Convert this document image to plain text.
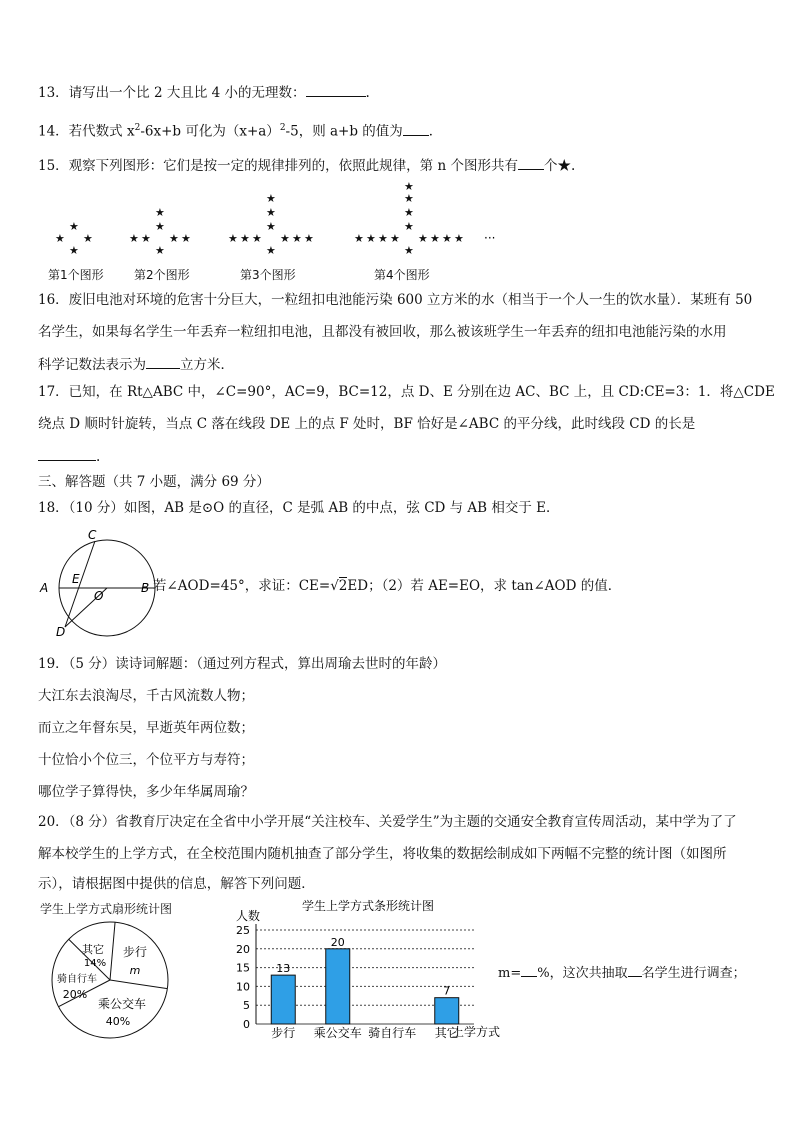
13．请写出一个比 2 大且比 4 小的无理数：	.
14．若代数式 $x^2-6x+b$ 可化为$(x+a)^2-5$，则 a+b 的值为 ．
15．观察下列图形：它们是按一定的规律排列的，依照此规律，第 n 个图形共有 个★.
★
★ ★
★
★
★
★ ★ ★ ★
★
★
★
★
★ ★ ★ ★ ★ ★
★
★
★
★
★
★ ★ ★ ★ ★ ★ ★ ★
★
···
第1个图形	第2个图形	第3个图形	第4个图形
16．废旧电池对环境的危害十分巨大，一粒纽扣电池能污染 600 立方米的水（相当于一个人一生的饮水量）．某班有 50
名学生，如果每名学生一年丢弃一粒纽扣电池，且都没有被回收，那么被该班学生一年丢弃的纽扣电池能污染的水用
科学记数法表示为	立方米．
17．已知，在 Rt△ABC 中，∠C=90°，AC=9，BC=12，点 D、E 分别在边 AC、BC 上，且 CD:CE=3：1．将△CDE
绕点 D 顺时针旋转，当点 C 落在线段 DE 上的点 F 处时，BF 恰好是∠ABC 的平分线，此时线段 CD 的长是
.
三、解答题（共 7 小题，满分 69 分）
18．（10 分）如图，AB 是⊙O 的直径，C 是弧 AB 的中点，弦 CD 与 AB 相交于 E．
C
A	B
E
O
D
若∠AOD=45°，求证：CE=√2ED；（2）若 AE=EO，求 tan∠AOD 的值．
19．（5 分）读诗词解题：（通过列方程式，算出周瑜去世时的年龄）
大江东去浪淘尽，千古风流数人物；
而立之年督东吴，早逝英年两位数；
十位恰小个位三，个位平方与寿符；
哪位学子算得快，多少年华属周瑜？
20．（8 分）省教育厅决定在全省中小学开展“关注校车、关爱学生”为主题的交通安全教育宣传周活动，某中学为了了
解本校学生的上学方式，在全校范围内随机抽查了部分学生，将收集的数据绘制成如下两幅不完整的统计图（如图所
示），请根据图中提供的信息，解答下列问题．
学生上学方式扇形统计图
步行
m
乘公交车
40%
骑自行车
20%
其它
14%
学生上学方式条形统计图
人数
0
5
10
15
20
25
13
20
7
步行 乘公交车 骑自行车 其它
上学方式
m= %，这次共抽取 名学生进行调查；
